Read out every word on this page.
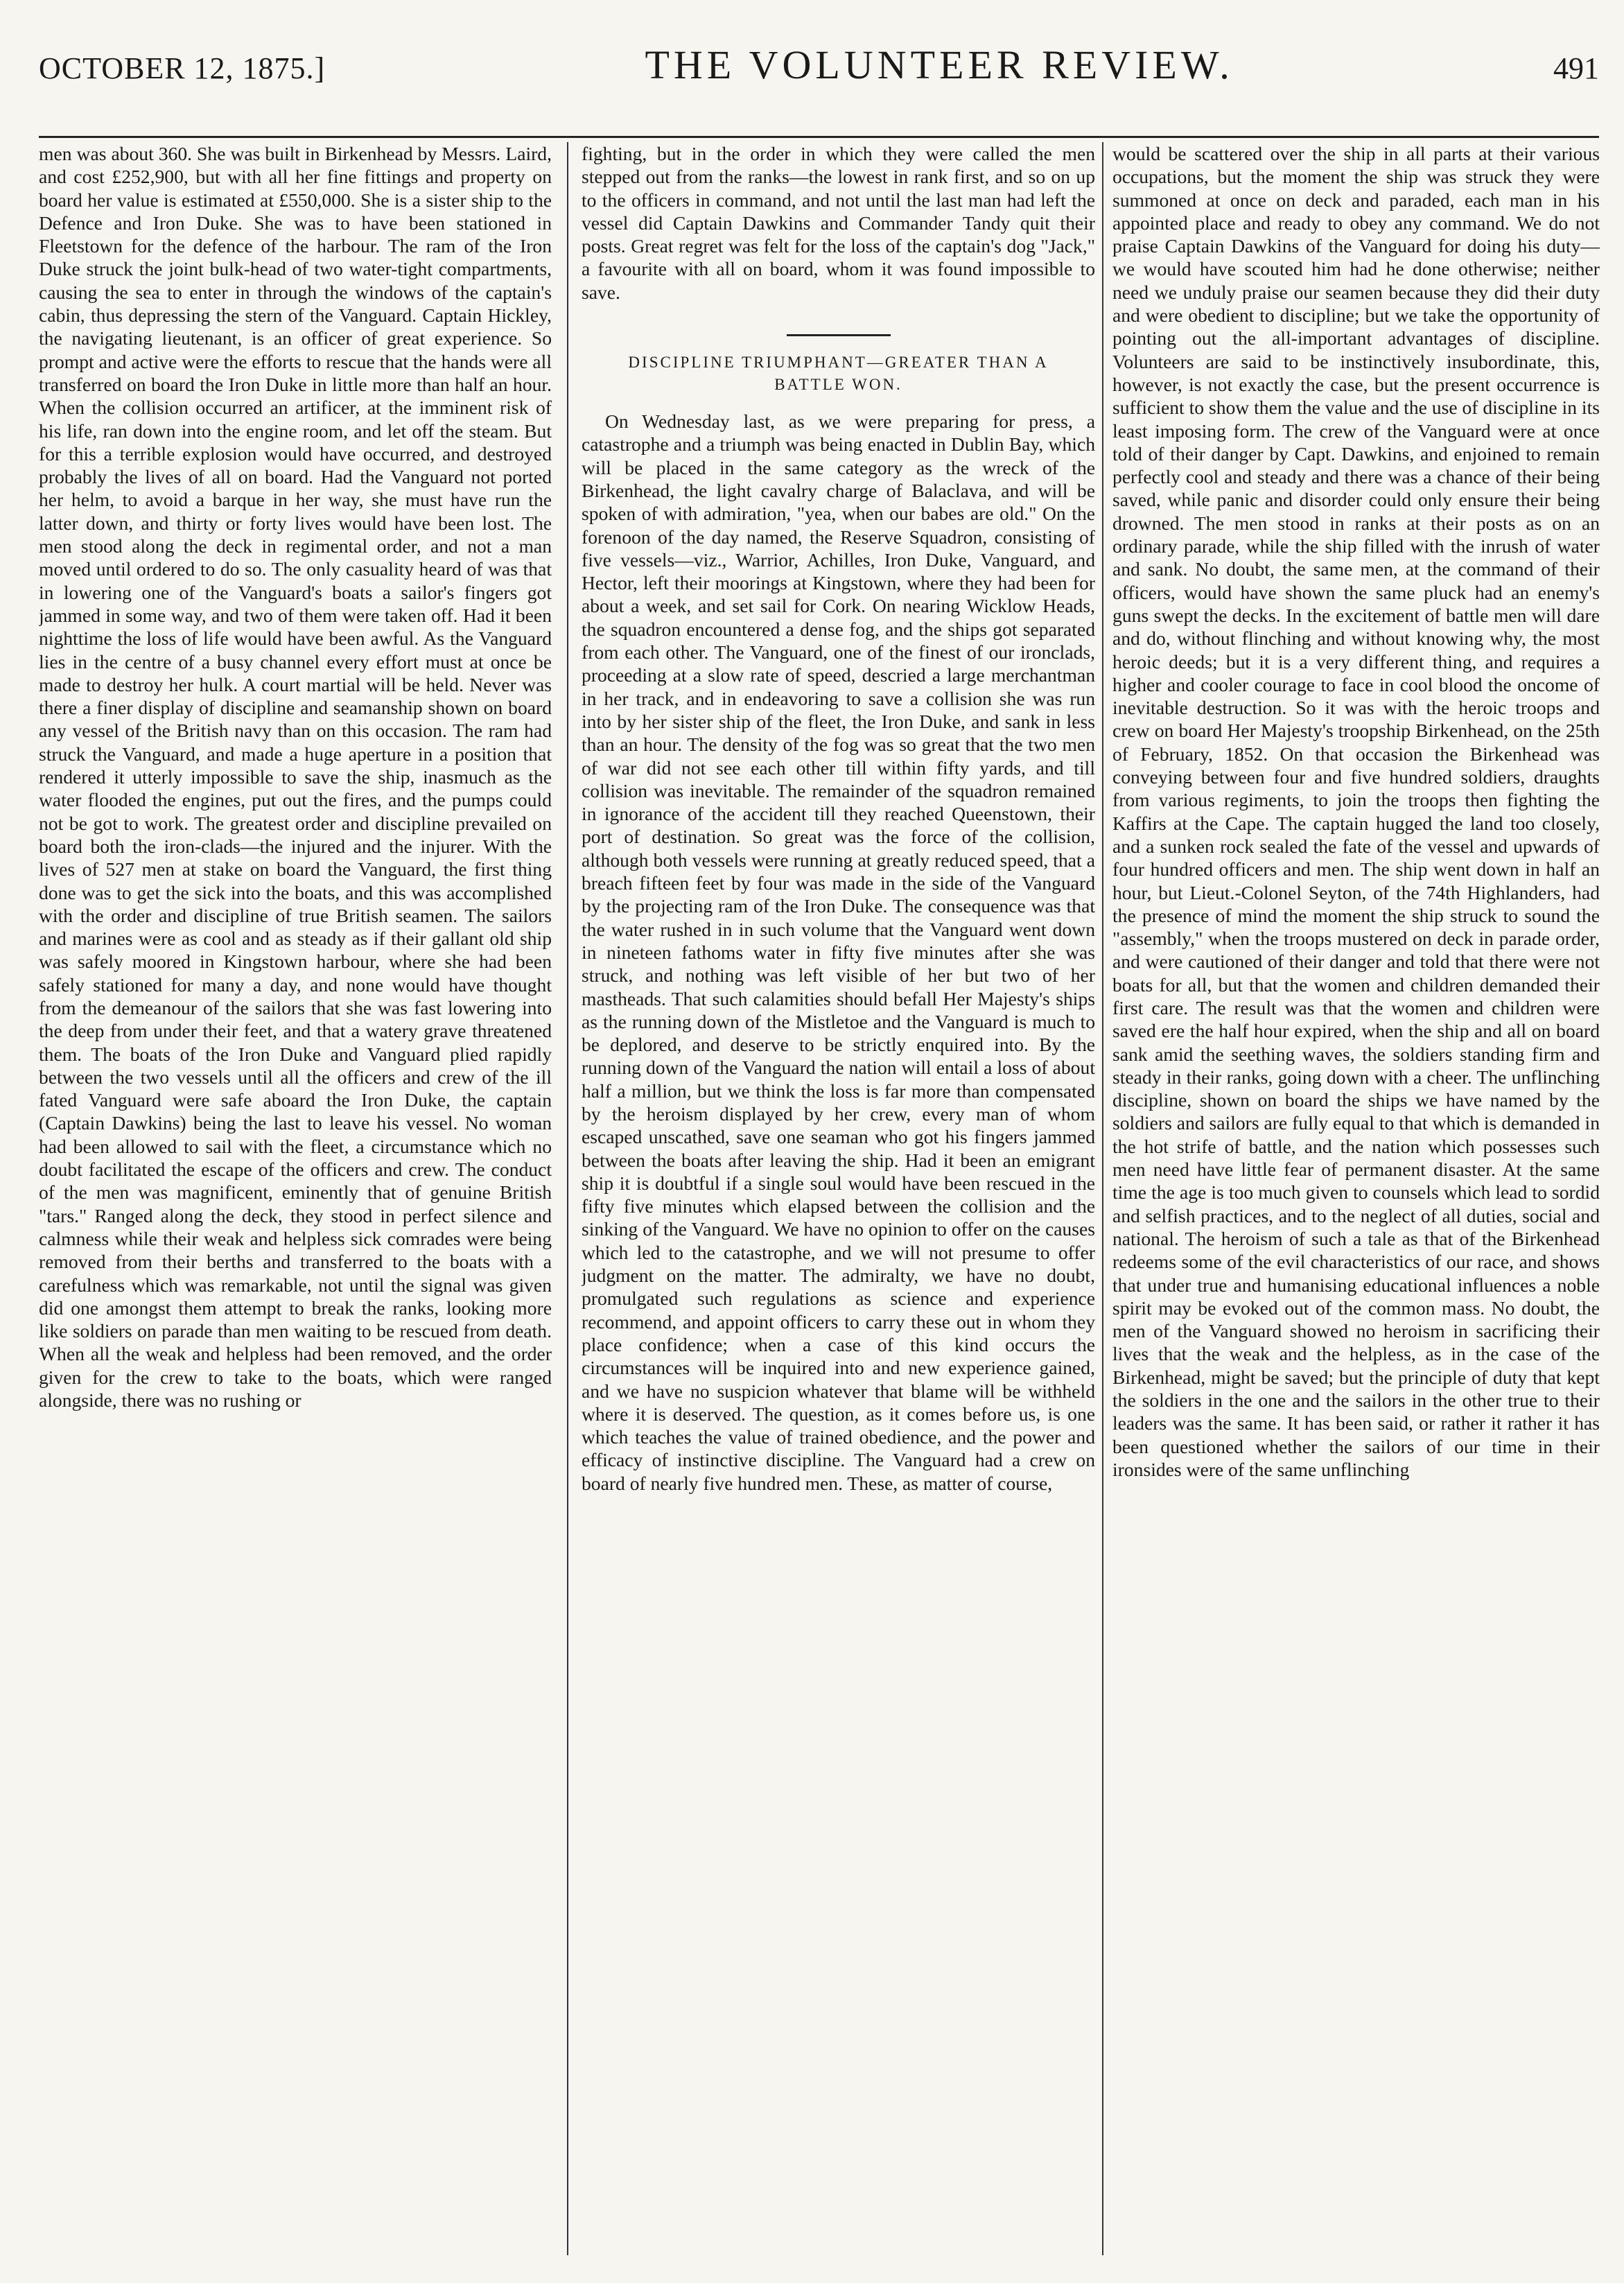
OCTOBER 12, 1875.]	THE VOLUNTEER REVIEW.	491

men was about 360. She was built in Birkenhead by Messrs. Laird, and cost £252,900, but with all her fine fittings and property on board her value is estimated at £550,000. She is a sister ship to the Defence and Iron Duke. She was to have been stationed in Fleetstown for the defence of the harbour. The ram of the Iron Duke struck the joint bulk-head of two water-tight compartments, causing the sea to enter in through the windows of the captain's cabin, thus depressing the stern of the Vanguard. Captain Hickley, the navigating lieutenant, is an officer of great experience. So prompt and active were the efforts to rescue that the hands were all transferred on board the Iron Duke in little more than half an hour. When the collision occurred an artificer, at the imminent risk of his life, ran down into the engine room, and let off the steam. But for this a terrible explosion would have occurred, and destroyed probably the lives of all on board. Had the Vanguard not ported her helm, to avoid a barque in her way, she must have run the latter down, and thirty or forty lives would have been lost. The men stood along the deck in regimental order, and not a man moved until ordered to do so. The only casuality heard of was that in lowering one of the Vanguard's boats a sailor's fingers got jammed in some way, and two of them were taken off. Had it been nighttime the loss of life would have been awful. As the Vanguard lies in the centre of a busy channel every effort must at once be made to destroy her hulk. A court martial will be held. Never was there a finer display of discipline and seamanship shown on board any vessel of the British navy than on this occasion. The ram had struck the Vanguard, and made a huge aperture in a position that rendered it utterly impossible to save the ship, inasmuch as the water flooded the engines, put out the fires, and the pumps could not be got to work. The greatest order and discipline prevailed on board both the iron-clads—the injured and the injurer. With the lives of 527 men at stake on board the Vanguard, the first thing done was to get the sick into the boats, and this was accomplished with the order and discipline of true British seamen. The sailors and marines were as cool and as steady as if their gallant old ship was safely moored in Kingstown harbour, where she had been safely stationed for many a day, and none would have thought from the demeanour of the sailors that she was fast lowering into the deep from under their feet, and that a watery grave threatened them. The boats of the Iron Duke and Vanguard plied rapidly between the two vessels until all the officers and crew of the ill fated Vanguard were safe aboard the Iron Duke, the captain (Captain Dawkins) being the last to leave his vessel. No woman had been allowed to sail with the fleet, a circumstance which no doubt facilitated the escape of the officers and crew. The conduct of the men was magnificent, eminently that of genuine British "tars." Ranged along the deck, they stood in perfect silence and calmness while their weak and helpless sick comrades were being removed from their berths and transferred to the boats with a carefulness which was remarkable, not until the signal was given did one amongst them attempt to break the ranks, looking more like soldiers on parade than men waiting to be rescued from death. When all the weak and helpless had been removed, and the order given for the crew to take to the boats, which were ranged alongside, there was no rushing or

fighting, but in the order in which they were called the men stepped out from the ranks—the lowest in rank first, and so on up to the officers in command, and not until the last man had left the vessel did Captain Dawkins and Commander Tandy quit their posts. Great regret was felt for the loss of the captain's dog "Jack," a favourite with all on board, whom it was found impossible to save.

DISCIPLINE TRIUMPHANT—GREATER THAN A
BATTLE WON.

On Wednesday last, as we were preparing for press, a catastrophe and a triumph was being enacted in Dublin Bay, which will be placed in the same category as the wreck of the Birkenhead, the light cavalry charge of Balaclava, and will be spoken of with admiration, "yea, when our babes are old." On the forenoon of the day named, the Reserve Squadron, consisting of five vessels—viz., Warrior, Achilles, Iron Duke, Vanguard, and Hector, left their moorings at Kingstown, where they had been for about a week, and set sail for Cork. On nearing Wicklow Heads, the squadron encountered a dense fog, and the ships got separated from each other. The Vanguard, one of the finest of our ironclads, proceeding at a slow rate of speed, descried a large merchantman in her track, and in endeavoring to save a collision she was run into by her sister ship of the fleet, the Iron Duke, and sank in less than an hour. The density of the fog was so great that the two men of war did not see each other till within fifty yards, and till collision was inevitable. The remainder of the squadron remained in ignorance of the accident till they reached Queenstown, their port of destination. So great was the force of the collision, although both vessels were running at greatly reduced speed, that a breach fifteen feet by four was made in the side of the Vanguard by the projecting ram of the Iron Duke. The consequence was that the water rushed in in such volume that the Vanguard went down in nineteen fathoms water in fifty five minutes after she was struck, and nothing was left visible of her but two of her mastheads. That such calamities should befall Her Majesty's ships as the running down of the Mistletoe and the Vanguard is much to be deplored, and deserve to be strictly enquired into. By the running down of the Vanguard the nation will entail a loss of about half a million, but we think the loss is far more than compensated by the heroism displayed by her crew, every man of whom escaped unscathed, save one seaman who got his fingers jammed between the boats after leaving the ship. Had it been an emigrant ship it is doubtful if a single soul would have been rescued in the fifty five minutes which elapsed between the collision and the sinking of the Vanguard. We have no opinion to offer on the causes which led to the catastrophe, and we will not presume to offer judgment on the matter. The admiralty, we have no doubt, promulgated such regulations as science and experience recommend, and appoint officers to carry these out in whom they place confidence; when a case of this kind occurs the circumstances will be inquired into and new experience gained, and we have no suspicion whatever that blame will be withheld where it is deserved. The question, as it comes before us, is one which teaches the value of trained obedience, and the power and efficacy of instinctive discipline. The Vanguard had a crew on board of nearly five hundred men. These, as matter of course,

would be scattered over the ship in all parts at their various occupations, but the moment the ship was struck they were summoned at once on deck and paraded, each man in his appointed place and ready to obey any command. We do not praise Captain Dawkins of the Vanguard for doing his duty—we would have scouted him had he done otherwise; neither need we unduly praise our seamen because they did their duty and were obedient to discipline; but we take the opportunity of pointing out the all-important advantages of discipline. Volunteers are said to be instinctively insubordinate, this, however, is not exactly the case, but the present occurrence is sufficient to show them the value and the use of discipline in its least imposing form. The crew of the Vanguard were at once told of their danger by Capt. Dawkins, and enjoined to remain perfectly cool and steady and there was a chance of their being saved, while panic and disorder could only ensure their being drowned. The men stood in ranks at their posts as on an ordinary parade, while the ship filled with the inrush of water and sank. No doubt, the same men, at the command of their officers, would have shown the same pluck had an enemy's guns swept the decks. In the excitement of battle men will dare and do, without flinching and without knowing why, the most heroic deeds; but it is a very different thing, and requires a higher and cooler courage to face in cool blood the oncome of inevitable destruction. So it was with the heroic troops and crew on board Her Majesty's troopship Birkenhead, on the 25th of February, 1852. On that occasion the Birkenhead was conveying between four and five hundred soldiers, draughts from various regiments, to join the troops then fighting the Kaffirs at the Cape. The captain hugged the land too closely, and a sunken rock sealed the fate of the vessel and upwards of four hundred officers and men. The ship went down in half an hour, but Lieut.-Colonel Seyton, of the 74th Highlanders, had the presence of mind the moment the ship struck to sound the "assembly," when the troops mustered on deck in parade order, and were cautioned of their danger and told that there were not boats for all, but that the women and children demanded their first care. The result was that the women and children were saved ere the half hour expired, when the ship and all on board sank amid the seething waves, the soldiers standing firm and steady in their ranks, going down with a cheer. The unflinching discipline, shown on board the ships we have named by the soldiers and sailors are fully equal to that which is demanded in the hot strife of battle, and the nation which possesses such men need have little fear of permanent disaster. At the same time the age is too much given to counsels which lead to sordid and selfish practices, and to the neglect of all duties, social and national. The heroism of such a tale as that of the Birkenhead redeems some of the evil characteristics of our race, and shows that under true and humanising educational influences a noble spirit may be evoked out of the common mass. No doubt, the men of the Vanguard showed no heroism in sacrificing their lives that the weak and the helpless, as in the case of the Birkenhead, might be saved; but the principle of duty that kept the soldiers in the one and the sailors in the other true to their leaders was the same. It has been said, or rather it rather it has been questioned whether the sailors of our time in their ironsides were of the same unflinching
